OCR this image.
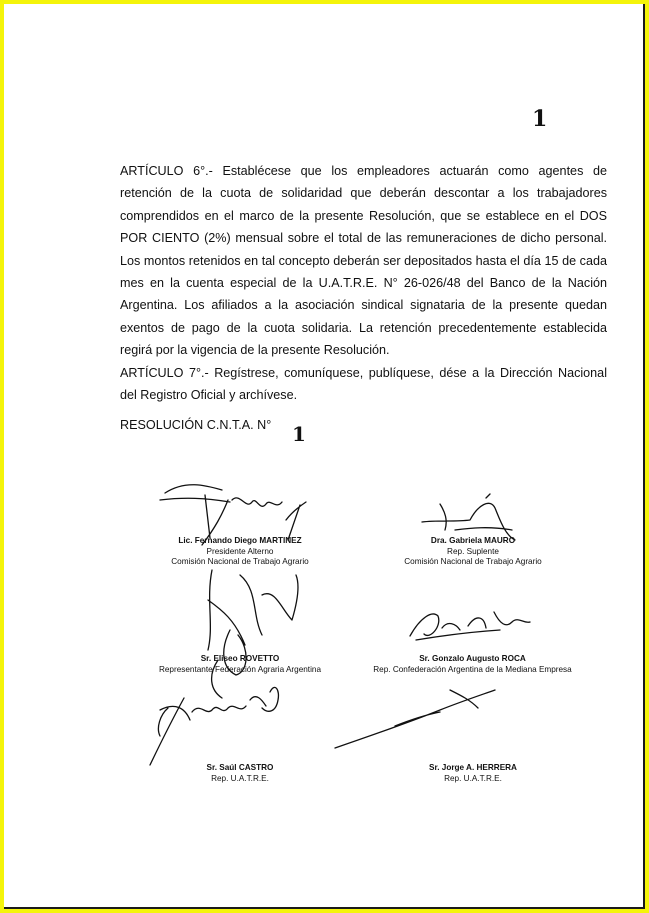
1

ARTÍCULO 6°.- Establécese que los empleadores actuarán como agentes de retención de la cuota de solidaridad que deberán descontar a los trabajadores comprendidos en el marco de la presente Resolución, que se establece en el DOS POR CIENTO (2%) mensual sobre el total de las remuneraciones de dicho personal. Los montos retenidos en tal concepto deberán ser depositados hasta el día 15 de cada mes en la cuenta especial de la U.A.T.R.E. N° 26-026/48 del Banco de la Nación Argentina. Los afiliados a la asociación sindical signataria de la presente quedan exentos de pago de la cuota solidaria. La retención precedentemente establecida regirá por la vigencia de la presente Resolución.

ARTÍCULO 7°.- Regístrese, comuníquese, publíquese, dése a la Dirección Nacional del Registro Oficial y archívese.

RESOLUCIÓN C.N.T.A. N° 1
Lic. Fernando Diego MARTINEZ
Presidente Alterno
Comisión Nacional de Trabajo Agrario
Dra. Gabriela MAURO
Rep. Suplente
Comisión Nacional de Trabajo Agrario
Sr. Eliseo ROVETTO
Representante Federación Agraria Argentina
Sr. Gonzalo Augusto ROCA
Rep. Confederación Argentina de la Mediana Empresa
Sr. Saúl CASTRO
Rep. U.A.T.R.E.
Sr. Jorge A. HERRERA
Rep. U.A.T.R.E.
